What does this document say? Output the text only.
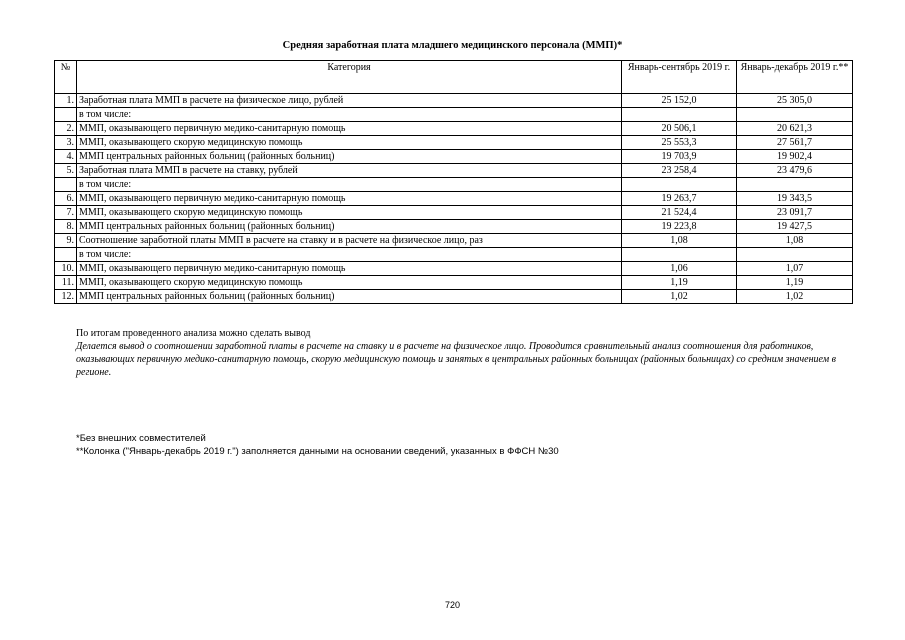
Средняя заработная плата младшего медицинского персонала (ММП)*
№	Категория	Январь-сентябрь 2019 г.	Январь-декабрь 2019 г.**
1.	Заработная плата ММП в расчете на физическое лицо, рублей	25 152,0	25 305,0
	в том числе:		
2.	ММП, оказывающего первичную медико-санитарную помощь	20 506,1	20 621,3
3.	ММП, оказывающего скорую медицинскую помощь	25 553,3	27 561,7
4.	ММП центральных районных больниц (районных больниц)	19 703,9	19 902,4
5.	Заработная плата ММП в расчете на ставку, рублей	23 258,4	23 479,6
	в том числе:		
6.	ММП, оказывающего первичную медико-санитарную помощь	19 263,7	19 343,5
7.	ММП, оказывающего скорую медицинскую помощь	21 524,4	23 091,7
8.	ММП центральных районных больниц (районных больниц)	19 223,8	19 427,5
9.	Соотношение заработной платы ММП в расчете на ставку и в расчете на физическое лицо, раз	1,08	1,08
	в том числе:		
10.	ММП, оказывающего первичную медико-санитарную помощь	1,06	1,07
11.	ММП, оказывающего скорую медицинскую помощь	1,19	1,19
12.	ММП центральных районных больниц (районных больниц)	1,02	1,02
По итогам проведенного анализа можно сделать вывод
Делается вывод о соотношении заработной платы в расчете на ставку и в расчете на физическое лицо. Проводится сравнительный анализ соотношения для работников, оказывающих первичную медико-санитарную помощь, скорую медицинскую помощь и занятых в центральных районных больницах (районных больницах) со средним значением в регионе.
*Без внешних совместителей
**Колонка ("Январь-декабрь 2019 г.") заполняется данными на основании сведений, указанных в ФФСН №30
720
